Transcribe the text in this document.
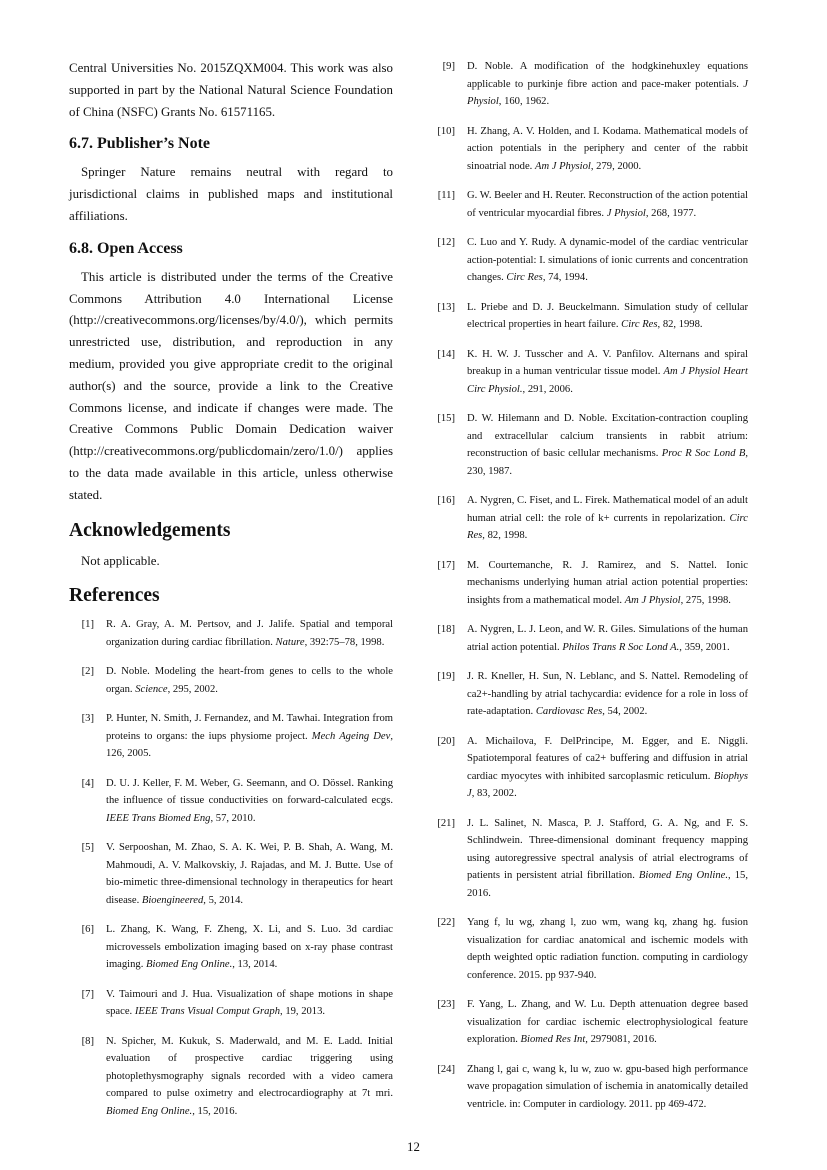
Central Universities No. 2015ZQXM004. This work was also supported in part by the National Natural Science Foundation of China (NSFC) Grants No. 61571165.

6.7. Publisher’s Note

Springer Nature remains neutral with regard to jurisdictional claims in published maps and institutional affiliations.

6.8. Open Access

This article is distributed under the terms of the Creative Commons Attribution 4.0 International License (http://creativecommons.org/licenses/by/4.0/), which permits unrestricted use, distribution, and reproduction in any medium, provided you give appropriate credit to the original author(s) and the source, provide a link to the Creative Commons license, and indicate if changes were made. The Creative Commons Public Domain Dedication waiver (http://creativecommons.org/publicdomain/zero/1.0/) applies to the data made available in this article, unless otherwise stated.

Acknowledgements

Not applicable.

References
[1] R. A. Gray, A. M. Pertsov, and J. Jalife. Spatial and temporal organization during cardiac fibrillation. Nature, 392:75–78, 1998.
[2] D. Noble. Modeling the heart-from genes to cells to the whole organ. Science, 295, 2002.
[3] P. Hunter, N. Smith, J. Fernandez, and M. Tawhai. Integration from proteins to organs: the iups physiome project. Mech Ageing Dev, 126, 2005.
[4] D. U. J. Keller, F. M. Weber, G. Seemann, and O. Dössel. Ranking the influence of tissue conductivities on forward-calculated ecgs. IEEE Trans Biomed Eng, 57, 2010.
[5] V. Serpooshan, M. Zhao, S. A. K. Wei, P. B. Shah, A. Wang, M. Mahmoudi, A. V. Malkovskiy, J. Rajadas, and M. J. Butte. Use of bio-mimetic three-dimensional technology in therapeutics for heart disease. Bioengineered, 5, 2014.
[6] L. Zhang, K. Wang, F. Zheng, X. Li, and S. Luo. 3d cardiac microvessels embolization imaging based on x-ray phase contrast imaging. Biomed Eng Online., 13, 2014.
[7] V. Taimouri and J. Hua. Visualization of shape motions in shape space. IEEE Trans Visual Comput Graph, 19, 2013.
[8] N. Spicher, M. Kukuk, S. Maderwald, and M. E. Ladd. Initial evaluation of prospective cardiac triggering using photoplethysmography signals recorded with a video camera compared to pulse oximetry and electrocardiography at 7t mri. Biomed Eng Online., 15, 2016.
[9] D. Noble. A modification of the hodgkinehuxley equations applicable to purkinje fibre action and pace-maker potentials. J Physiol, 160, 1962.
[10] H. Zhang, A. V. Holden, and I. Kodama. Mathematical models of action potentials in the periphery and center of the rabbit sinoatrial node. Am J Physiol, 279, 2000.
[11] G. W. Beeler and H. Reuter. Reconstruction of the action potential of ventricular myocardial fibres. J Physiol, 268, 1977.
[12] C. Luo and Y. Rudy. A dynamic-model of the cardiac ventricular action-potential: I. simulations of ionic currents and concentration changes. Circ Res, 74, 1994.
[13] L. Priebe and D. J. Beuckelmann. Simulation study of cellular electrical properties in heart failure. Circ Res, 82, 1998.
[14] K. H. W. J. Tusscher and A. V. Panfilov. Alternans and spiral breakup in a human ventricular tissue model. Am J Physiol Heart Circ Physiol., 291, 2006.
[15] D. W. Hilemann and D. Noble. Excitation-contraction coupling and extracellular calcium transients in rabbit atrium: reconstruction of basic cellular mechanisms. Proc R Soc Lond B, 230, 1987.
[16] A. Nygren, C. Fiset, and L. Firek. Mathematical model of an adult human atrial cell: the role of k+ currents in repolarization. Circ Res, 82, 1998.
[17] M. Courtemanche, R. J. Ramirez, and S. Nattel. Ionic mechanisms underlying human atrial action potential properties: insights from a mathematical model. Am J Physiol, 275, 1998.
[18] A. Nygren, L. J. Leon, and W. R. Giles. Simulations of the human atrial action potential. Philos Trans R Soc Lond A., 359, 2001.
[19] J. R. Kneller, H. Sun, N. Leblanc, and S. Nattel. Remodeling of ca2+-handling by atrial tachycardia: evidence for a role in loss of rate-adaptation. Cardiovasc Res, 54, 2002.
[20] A. Michailova, F. DelPrincipe, M. Egger, and E. Niggli. Spatiotemporal features of ca2+ buffering and diffusion in atrial cardiac myocytes with inhibited sarcoplasmic reticulum. Biophys J, 83, 2002.
[21] J. L. Salinet, N. Masca, P. J. Stafford, G. A. Ng, and F. S. Schlindwein. Three-dimensional dominant frequency mapping using autoregressive spectral analysis of atrial electrograms of patients in persistent atrial fibrillation. Biomed Eng Online., 15, 2016.
[22] Yang f, lu wg, zhang l, zuo wm, wang kq, zhang hg. fusion visualization for cardiac anatomical and ischemic models with depth weighted optic radiation function. computing in cardiology conference. 2015. pp 937-940.
[23] F. Yang, L. Zhang, and W. Lu. Depth attenuation degree based visualization for cardiac ischemic electrophysiological feature exploration. Biomed Res Int, 2979081, 2016.
[24] Zhang l, gai c, wang k, lu w, zuo w. gpu-based high performance wave propagation simulation of ischemia in anatomically detailed ventricle. in: Computer in cardiology. 2011. pp 469-472.
12
